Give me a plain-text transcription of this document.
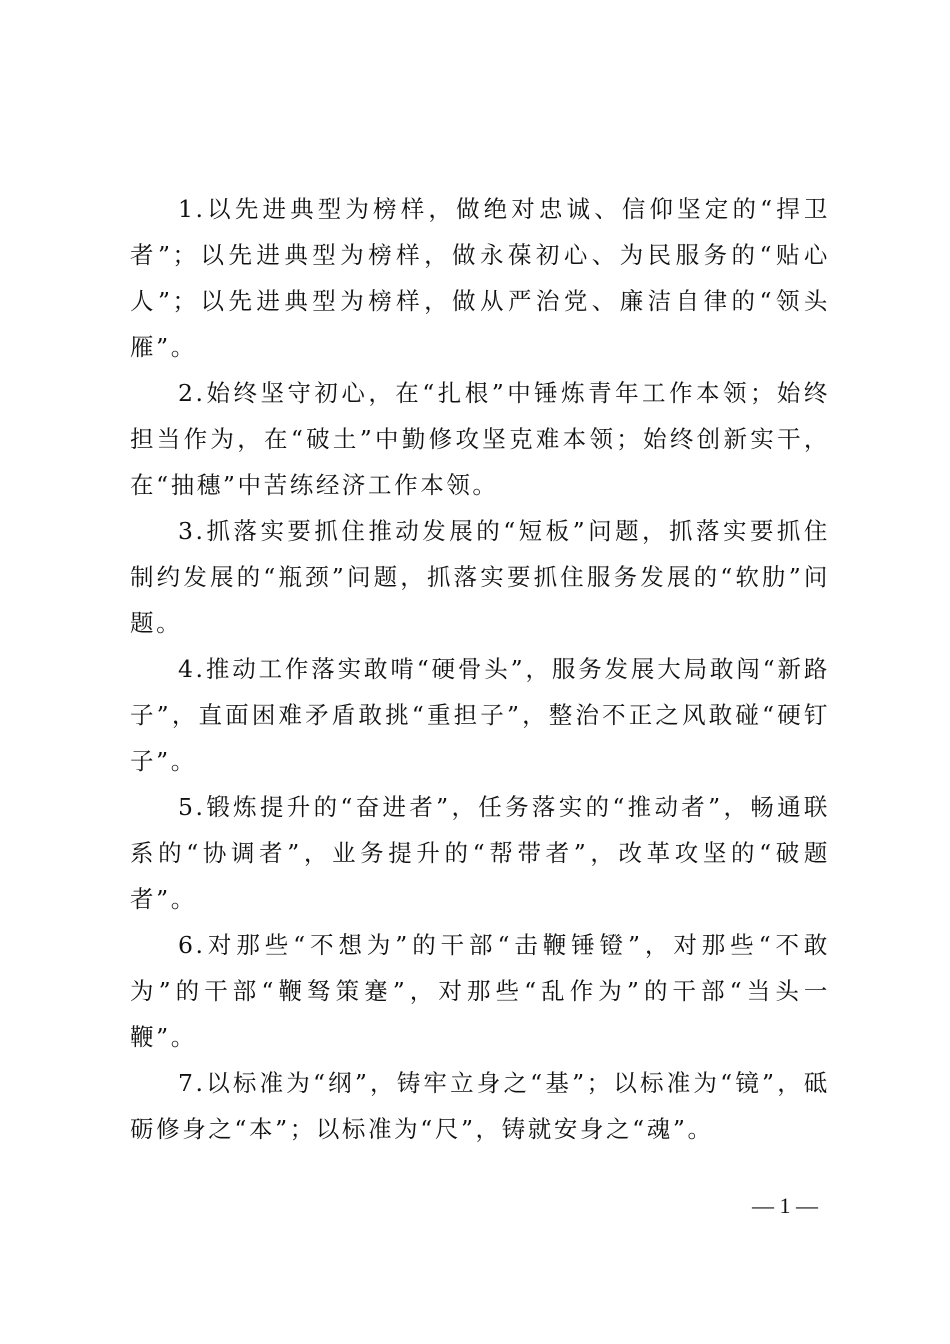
1.以先进典型为榜样，做绝对忠诚、信仰坚定的“捍卫者”；以先进典型为榜样，做永葆初心、为民服务的“贴心人”；以先进典型为榜样，做从严治党、廉洁自律的“领头雁”。

2.始终坚守初心，在“扎根”中锤炼青年工作本领；始终担当作为，在“破土”中勤修攻坚克难本领；始终创新实干，在“抽穗”中苦练经济工作本领。

3.抓落实要抓住推动发展的“短板”问题，抓落实要抓住制约发展的“瓶颈”问题，抓落实要抓住服务发展的“软肋”问题。

4.推动工作落实敢啃“硬骨头”，服务发展大局敢闯“新路子”，直面困难矛盾敢挑“重担子”，整治不正之风敢碰“硬钉子”。

5.锻炼提升的“奋进者”，任务落实的“推动者”，畅通联系的“协调者”，业务提升的“帮带者”，改革攻坚的“破题者”。

6.对那些“不想为”的干部“击鞭锤镫”，对那些“不敢为”的干部“鞭驽策蹇”，对那些“乱作为”的干部“当头一鞭”。

7.以标准为“纲”，铸牢立身之“基”；以标准为“镜”，砥砺修身之“本”；以标准为“尺”，铸就安身之“魂”。

— 1 —
